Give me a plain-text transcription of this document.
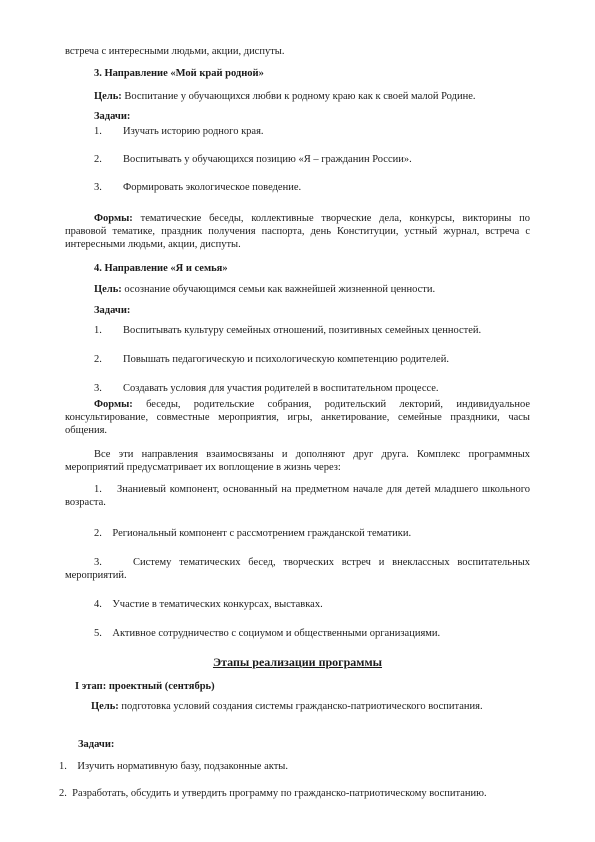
встреча с интересными людьми, акции, диспуты.

3. Направление «Мой край родной»

Цель: Воспитание у обучающихся любви к родному краю как к своей малой Родине.

Задачи:

1.	Изучать историю родного края.
2.	Воспитывать у обучающихся позицию «Я – гражданин России».
3.	Формировать экологическое поведение.

Формы: тематические беседы, коллективные творческие дела, конкурсы, викторины по правовой тематике, праздник получения паспорта, день Конституции, устный журнал, встреча с интересными людьми, акции, диспуты.

4. Направление «Я и семья»

Цель: осознание обучающимся семьи как важнейшей жизненной ценности.

Задачи:

1.	Воспитывать культуру семейных отношений, позитивных семейных ценностей.
2.	Повышать педагогическую и психологическую компетенцию родителей.
3.	Создавать условия для участия родителей в воспитательном процессе.

Формы: беседы, родительские собрания, родительский лекторий, индивидуальное консультирование, совместные мероприятия, игры, анкетирование, семейные праздники, часы общения.

Все эти направления взаимосвязаны и дополняют друг друга. Комплекс программных мероприятий предусматривает их воплощение в жизнь через:

1. Знаниевый компонент, основанный на предметном начале для детей младшего школьного возраста.

2. Региональный компонент с рассмотрением гражданской тематики.

3.	Систему тематических бесед, творческих встреч и внеклассных воспитательных мероприятий.

4. Участие в тематических конкурсах, выставках.

5. Активное сотрудничество с социумом и общественными организациями.

Этапы реализации программы

I этап: проектный (сентябрь)

Цель: подготовка условий создания системы гражданско-патриотического воспитания.

Задачи:

1. Изучить нормативную базу, подзаконные акты.

2. Разработать, обсудить и утвердить программу по гражданско-патриотическому воспитанию.
